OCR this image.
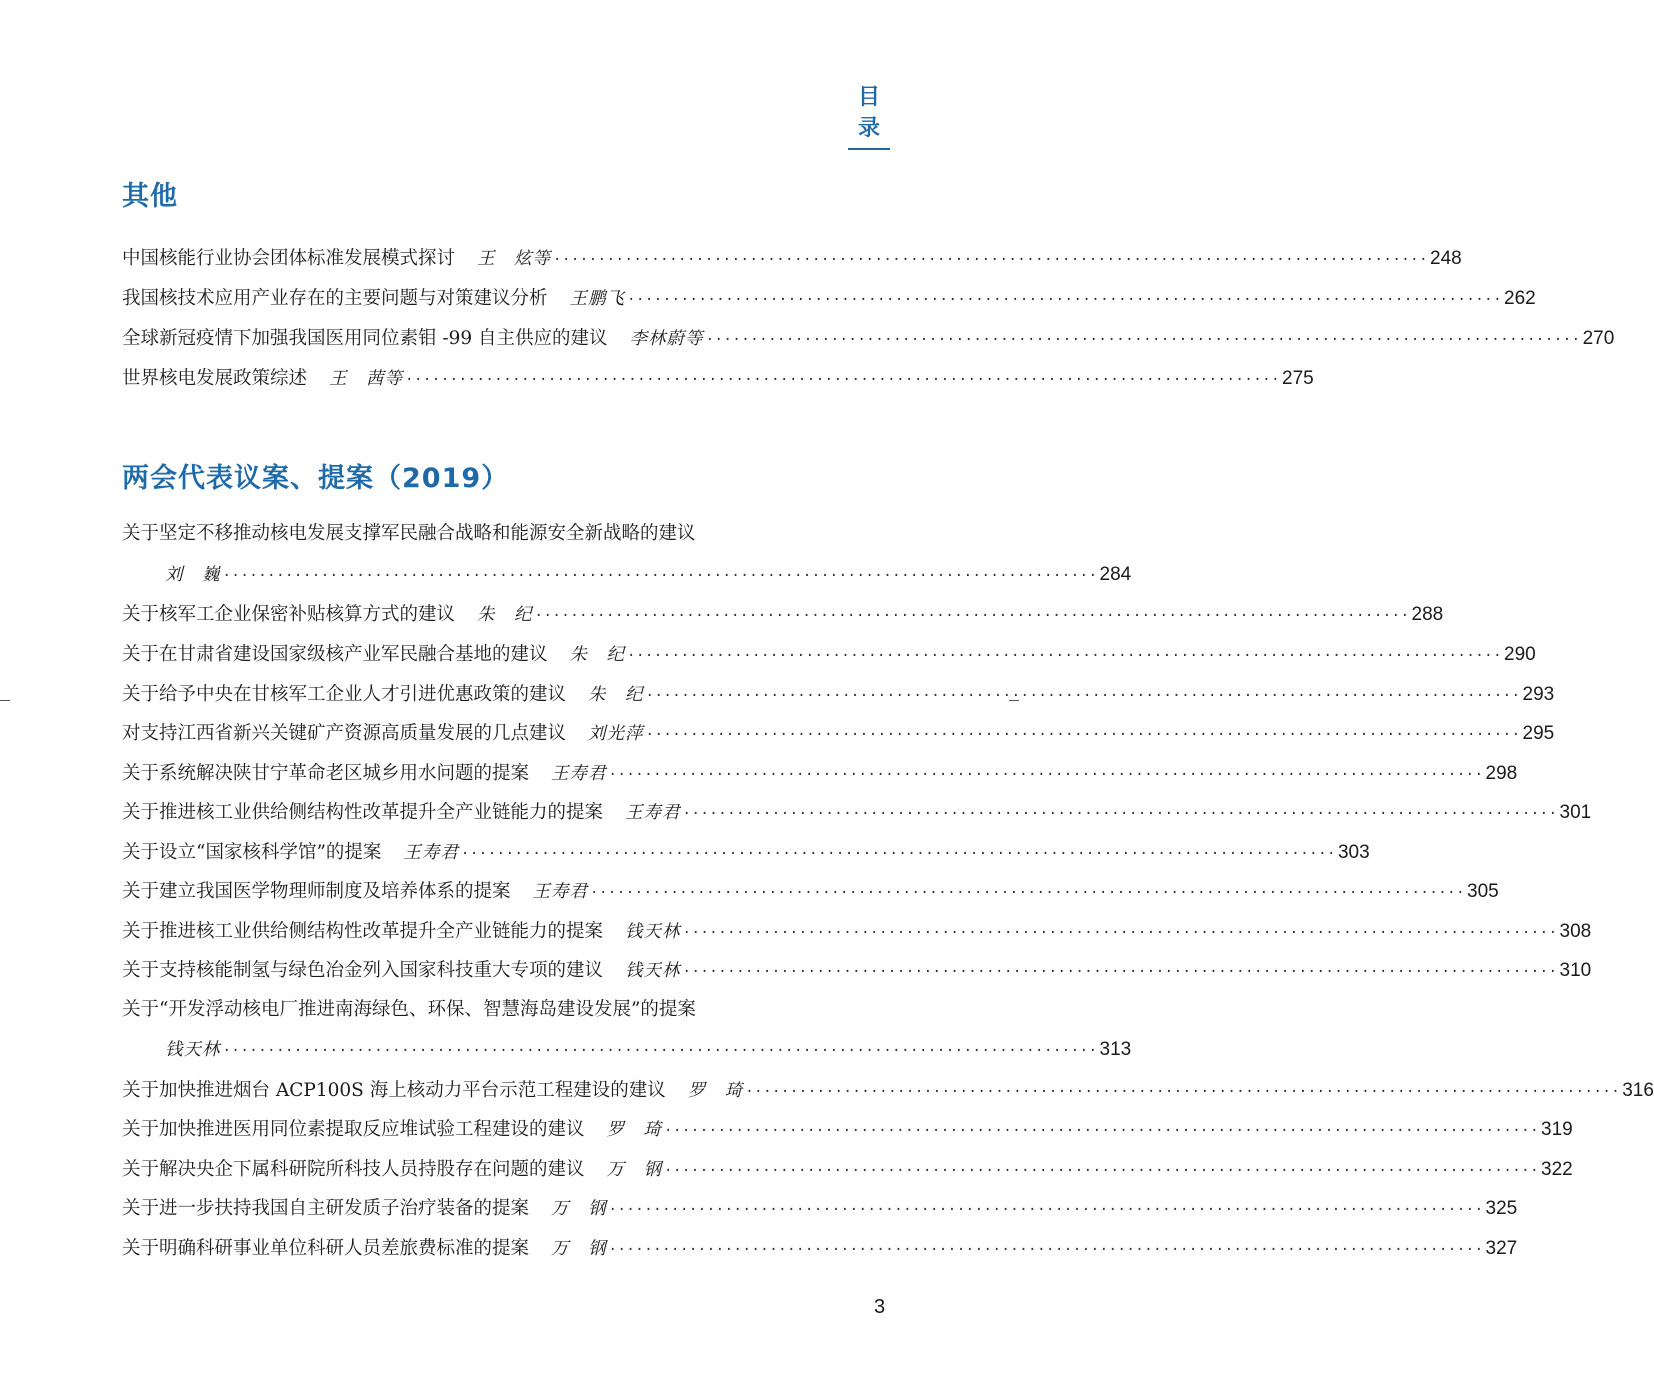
目录
其他
中国核能行业协会团体标准发展模式探讨 王　炫等 ·································································································· 248
我国核技术应用产业存在的主要问题与对策建议分析 王鹏飞 ·································································································· 262
全球新冠疫情下加强我国医用同位素钼 -99 自主供应的建议 李林蔚等 ·································································································· 270
世界核电发展政策综述 王　茜等 ·································································································· 275
两会代表议案、提案（2019）
关于坚定不移推动核电发展支撑军民融合战略和能源安全新战略的建议
刘　巍 ·································································································· 284
关于核军工企业保密补贴核算方式的建议 朱　纪 ·································································································· 288
关于在甘肃省建设国家级核产业军民融合基地的建议 朱　纪 ·································································································· 290
关于给予中央在甘核军工企业人才引进优惠政策的建议 朱　纪 ·································································································· 293
对支持江西省新兴关键矿产资源高质量发展的几点建议 刘光萍 ·································································································· 295
关于系统解决陕甘宁革命老区城乡用水问题的提案 王寿君 ·································································································· 298
关于推进核工业供给侧结构性改革提升全产业链能力的提案 王寿君 ·································································································· 301
关于设立“国家核科学馆”的提案 王寿君 ·································································································· 303
关于建立我国医学物理师制度及培养体系的提案 王寿君 ·································································································· 305
关于推进核工业供给侧结构性改革提升全产业链能力的提案 钱天林 ·································································································· 308
关于支持核能制氢与绿色冶金列入国家科技重大专项的建议 钱天林 ·································································································· 310
关于“开发浮动核电厂推进南海绿色、环保、智慧海岛建设发展”的提案
钱天林 ·································································································· 313
关于加快推进烟台 ACP100S 海上核动力平台示范工程建设的建议 罗　琦 ·································································································· 316
关于加快推进医用同位素提取反应堆试验工程建设的建议 罗　琦 ·································································································· 319
关于解决央企下属科研院所科技人员持股存在问题的建议 万　钢 ·································································································· 322
关于进一步扶持我国自主研发质子治疗装备的提案 万　钢 ·································································································· 325
关于明确科研事业单位科研人员差旅费标准的提案 万　钢 ·································································································· 327
3
